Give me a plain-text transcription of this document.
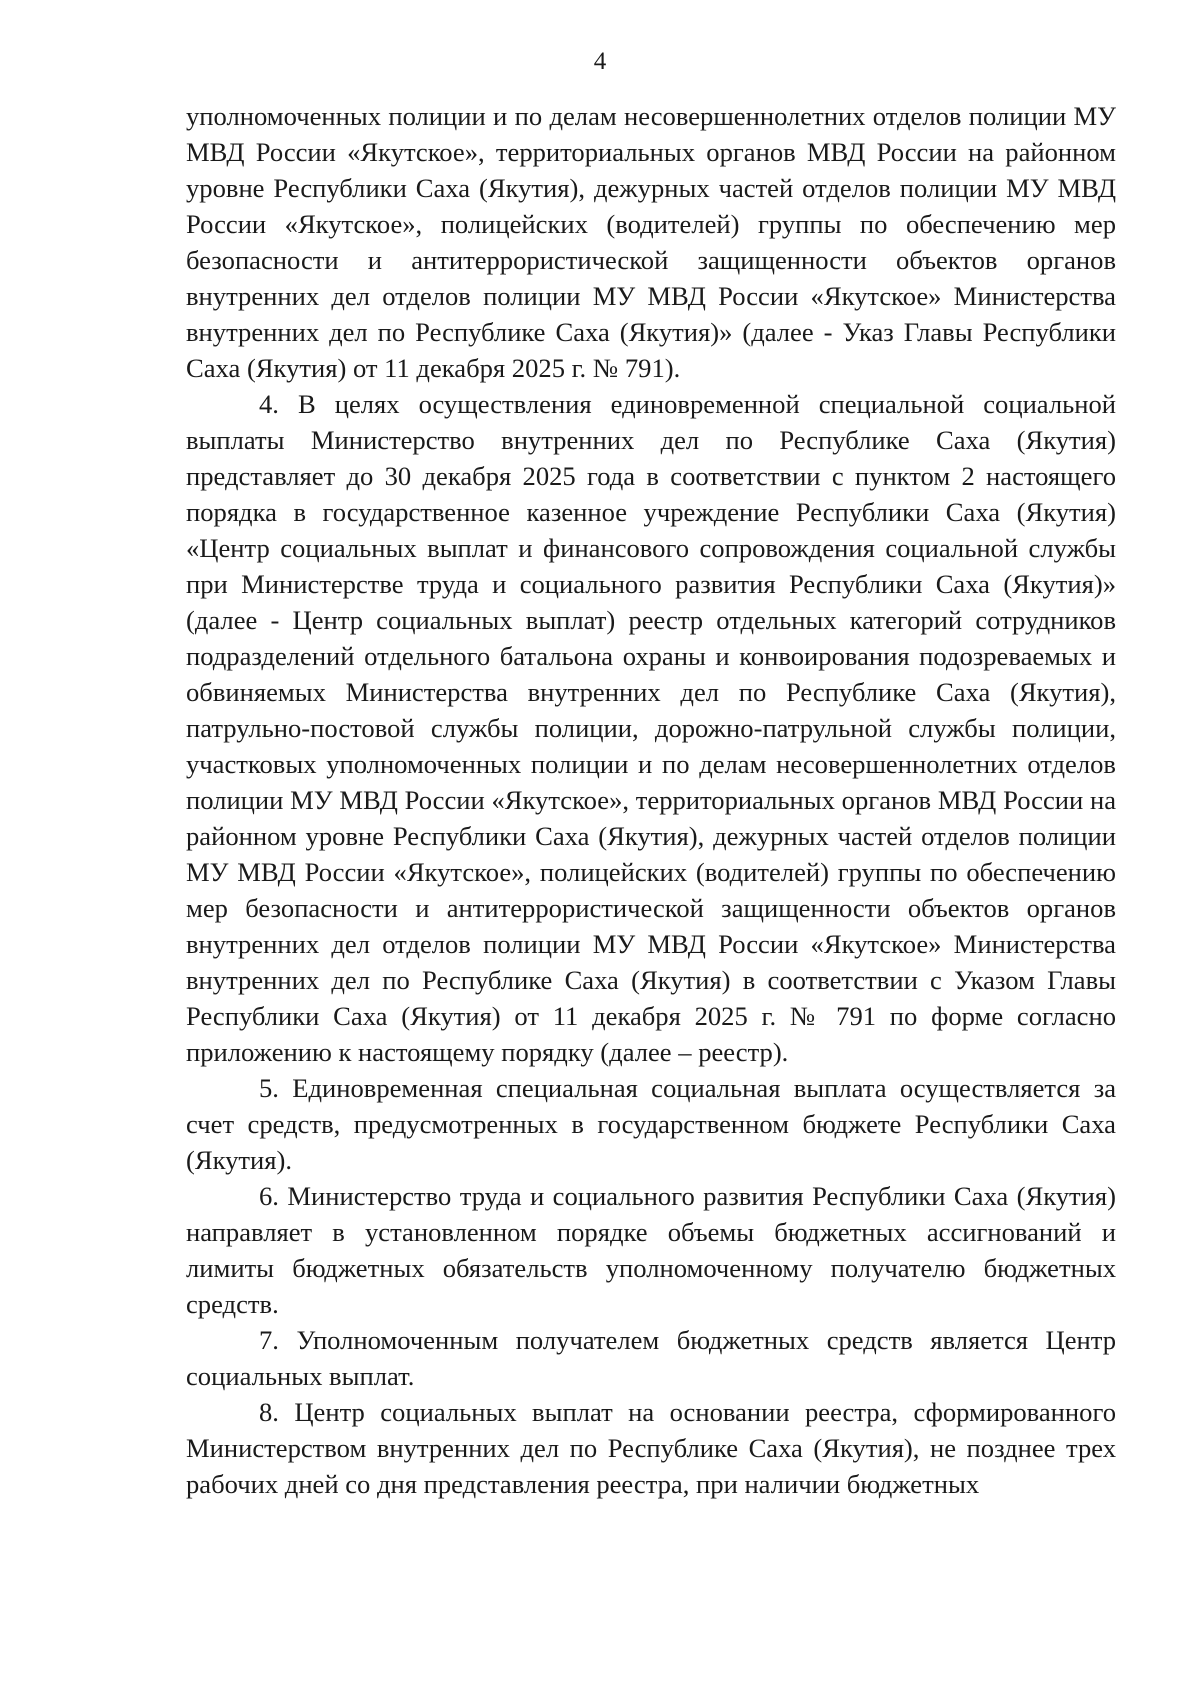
4

уполномоченных полиции и по делам несовершеннолетних отделов полиции МУ МВД России «Якутское», территориальных органов МВД России на районном уровне Республики Саха (Якутия), дежурных частей отделов полиции МУ МВД России «Якутское», полицейских (водителей) группы по обеспечению мер безопасности и антитеррористической защищенности объектов органов внутренних дел отделов полиции МУ МВД России «Якутское» Министерства внутренних дел по Республике Саха (Якутия)» (далее - Указ Главы Республики Саха (Якутия) от 11 декабря 2025 г. № 791).

4. В целях осуществления единовременной специальной социальной выплаты Министерство внутренних дел по Республике Саха (Якутия) представляет до 30 декабря 2025 года в соответствии с пунктом 2 настоящего порядка в государственное казенное учреждение Республики Саха (Якутия) «Центр социальных выплат и финансового сопровождения социальной службы при Министерстве труда и социального развития Республики Саха (Якутия)» (далее - Центр социальных выплат) реестр отдельных категорий сотрудников подразделений отдельного батальона охраны и конвоирования подозреваемых и обвиняемых Министерства внутренних дел по Республике Саха (Якутия), патрульно-постовой службы полиции, дорожно-патрульной службы полиции, участковых уполномоченных полиции и по делам несовершеннолетних отделов полиции МУ МВД России «Якутское», территориальных органов МВД России на районном уровне Республики Саха (Якутия), дежурных частей отделов полиции МУ МВД России «Якутское», полицейских (водителей) группы по обеспечению мер безопасности и антитеррористической защищенности объектов органов внутренних дел отделов полиции МУ МВД России «Якутское» Министерства внутренних дел по Республике Саха (Якутия) в соответствии с Указом Главы Республики Саха (Якутия) от 11 декабря 2025 г. № 791 по форме согласно приложению к настоящему порядку (далее – реестр).

5. Единовременная специальная социальная выплата осуществляется за счет средств, предусмотренных в государственном бюджете Республики Саха (Якутия).

6. Министерство труда и социального развития Республики Саха (Якутия) направляет в установленном порядке объемы бюджетных ассигнований и лимиты бюджетных обязательств уполномоченному получателю бюджетных средств.

7. Уполномоченным получателем бюджетных средств является Центр социальных выплат.

8. Центр социальных выплат на основании реестра, сформированного Министерством внутренних дел по Республике Саха (Якутия), не позднее трех рабочих дней со дня представления реестра, при наличии бюджетных
